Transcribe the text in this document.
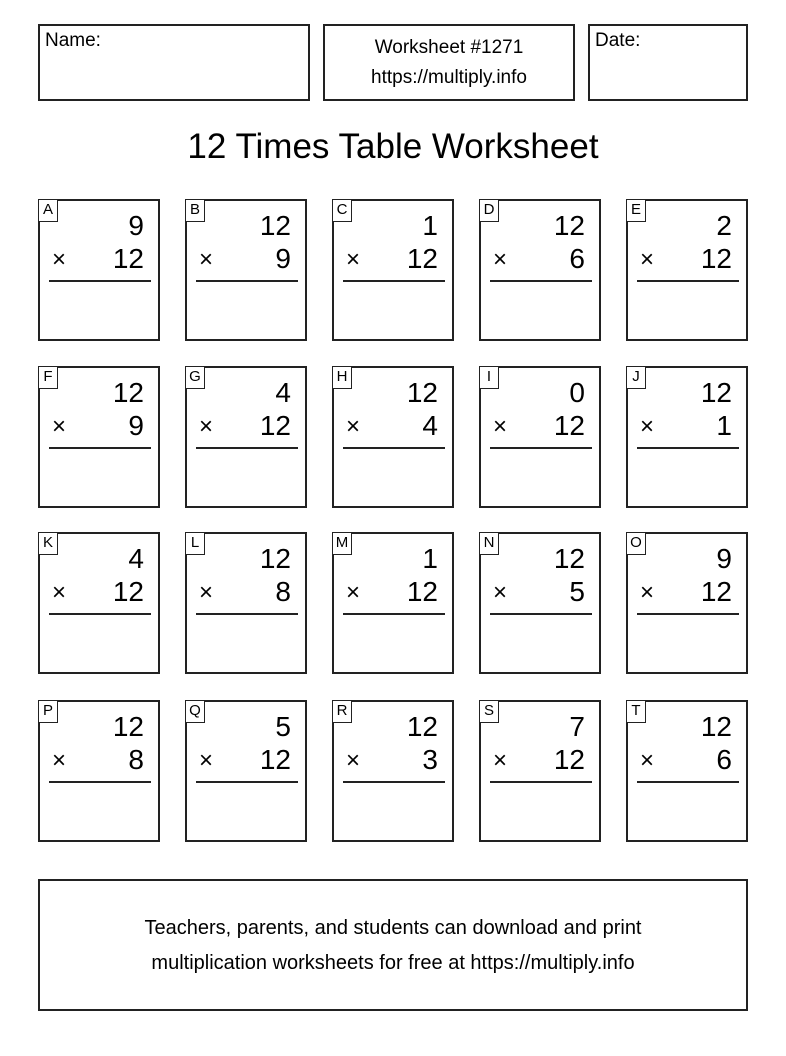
Name:	Worksheet #1271
https://multiply.info
Date:
12 Times Table Worksheet
A
9
× 12
B
12
× 9
C
1
× 12
D
12
× 6
E
2
× 12
F
12
× 9
G
4
× 12
H
12
× 4
I
0
× 12
J
12
× 1
K
4
× 12
L
12
× 8
M
1
× 12
N
12
× 5
O
9
× 12
P
12
× 8
Q
5
× 12
R
12
× 3
S
7
× 12
T
12
× 6
Teachers, parents, and students can download and print
multiplication worksheets for free at https://multiply.info
